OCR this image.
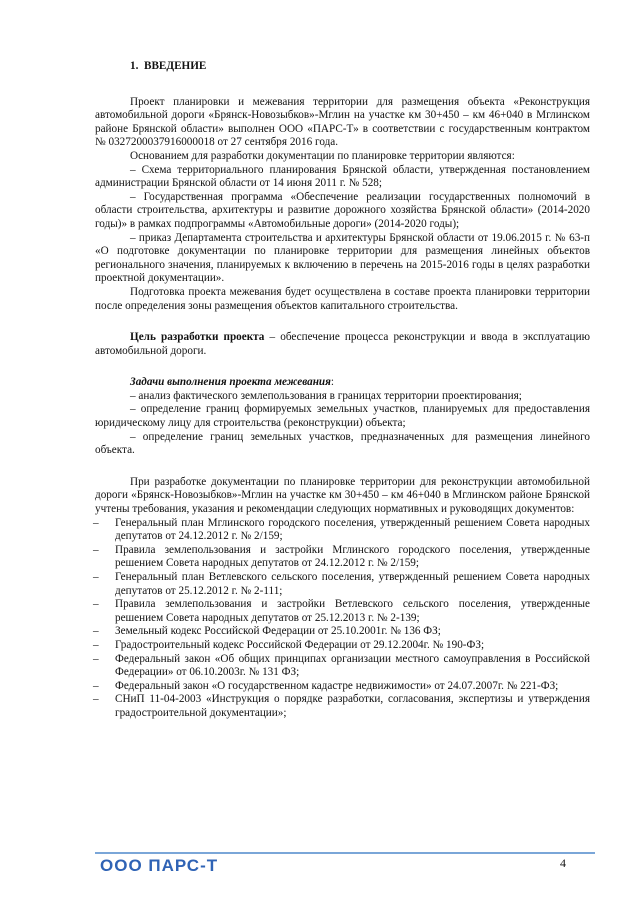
1.  ВВЕДЕНИЕ

Проект планировки и межевания территории для размещения объекта «Реконструкция автомобильной дороги «Брянск-Новозыбков»-Мглин на участке км 30+450 – км 46+040 в Мглинском районе Брянской области» выполнен ООО «ПАРС-Т» в соответствии с государственным контрактом № 0327200037916000018 от 27 сентября 2016 года.

Основанием для разработки документации по планировке территории являются:

– Схема территориального планирования Брянской области, утвержденная постановлением администрации Брянской области от 14 июня 2011 г. № 528;

– Государственная программа «Обеспечение реализации государственных полномочий в области строительства, архитектуры и развитие дорожного хозяйства Брянской области» (2014-2020 годы)» в рамках подпрограммы «Автомобильные дороги» (2014-2020 годы);

– приказ Департамента строительства и архитектуры Брянской области от 19.06.2015 г. № 63-п «О подготовке документации по планировке территории для размещения линейных объектов регионального значения, планируемых к включению в перечень на 2015-2016 годы в целях разработки проектной документации».

Подготовка проекта межевания будет осуществлена в составе проекта планировки территории после определения зоны размещения объектов капитального строительства.

Цель разработки проекта – обеспечение процесса реконструкции и ввода в эксплуатацию автомобильной дороги.

Задачи выполнения проекта межевания:

– анализ фактического землепользования в границах территории проектирования;

– определение границ формируемых земельных участков, планируемых для предоставления юридическому лицу для строительства (реконструкции) объекта;

– определение границ земельных участков, предназначенных для размещения линейного объекта.

При разработке документации по планировке территории для реконструкции автомобильной дороги «Брянск-Новозыбков»-Мглин на участке км 30+450 – км 46+040 в Мглинском районе Брянской учтены требования, указания и рекомендации следующих нормативных и руководящих документов:

– Генеральный план Мглинского городского поселения, утвержденный решением Совета народных депутатов от 24.12.2012 г. № 2/159;
– Правила землепользования и застройки Мглинского городского поселения, утвержденные решением Совета народных депутатов от 24.12.2012 г. № 2/159;
– Генеральный план Ветлевского сельского поселения, утвержденный решением Совета народных депутатов от 25.12.2012 г. № 2-111;
– Правила землепользования и застройки Ветлевского сельского поселения, утвержденные решением Совета народных депутатов от 25.12.2013 г. № 2-139;
– Земельный кодекс Российской Федерации от 25.10.2001г. № 136 ФЗ;
– Градостроительный кодекс Российской Федерации от 29.12.2004г. № 190-ФЗ;
– Федеральный закон «Об общих принципах организации местного самоуправления в Российской Федерации» от 06.10.2003г. № 131 ФЗ;
– Федеральный закон «О государственном кадастре недвижимости» от 24.07.2007г. № 221-ФЗ;
– СНиП 11-04-2003 «Инструкция о порядке разработки, согласования, экспертизы и утверждения градостроительной документации»;
ООО ПАРС-Т	4
